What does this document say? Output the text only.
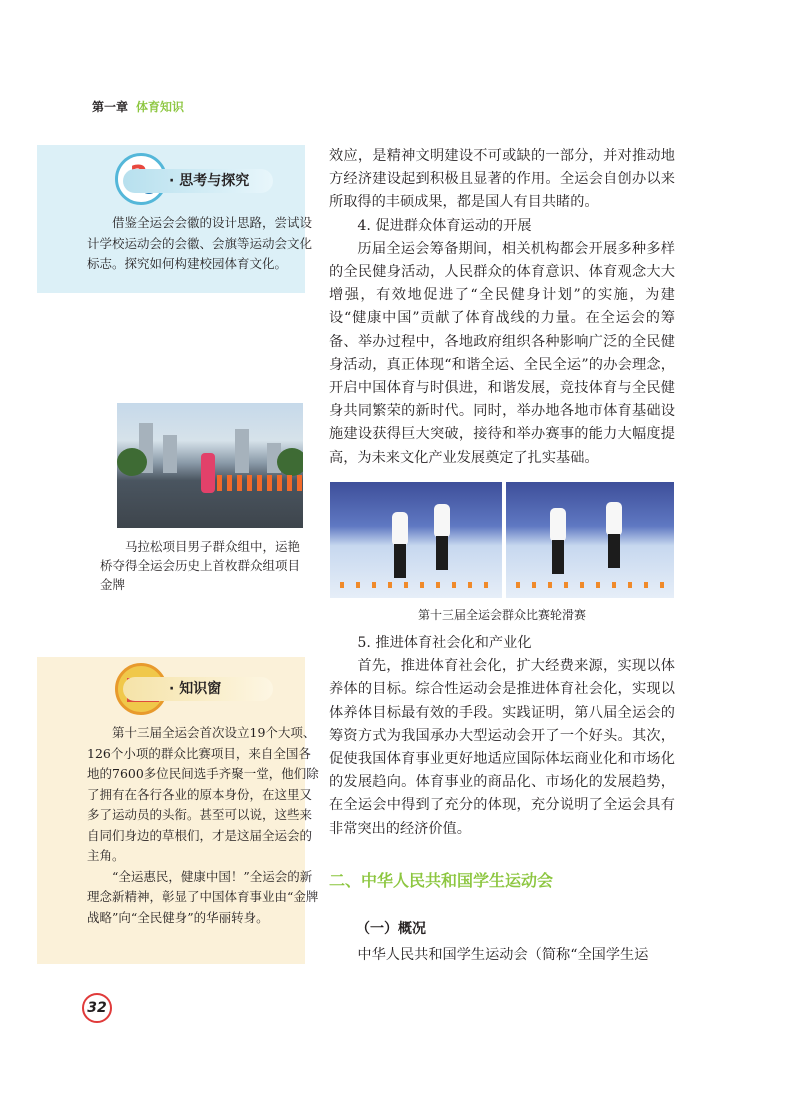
第一章 体育知识
· 思考与探究

借鉴全运会会徽的设计思路，尝试设计学校运动会的会徽、会旗等运动会文化标志。探究如何构建校园体育文化。

马拉松项目男子群众组中，运艳桥夺得全运会历史上首枚群众组项目金牌
· 知识窗

第十三届全运会首次设立19个大项、126个小项的群众比赛项目，来自全国各地的7600多位民间选手齐聚一堂，他们除了拥有在各行各业的原本身份，在这里又多了运动员的头衔。甚至可以说，这些来自同们身边的草根们，才是这届全运会的主角。

“全运惠民，健康中国！”全运会的新理念新精神，彰显了中国体育事业由“金牌战略”向“全民健身”的华丽转身。

效应，是精神文明建设不可或缺的一部分，并对推动地方经济建设起到积极且显著的作用。全运会自创办以来所取得的丰硕成果，都是国人有目共睹的。

4. 促进群众体育运动的开展

历届全运会筹备期间，相关机构都会开展多种多样的全民健身活动，人民群众的体育意识、体育观念大大增强，有效地促进了“全民健身计划”的实施，为建设“健康中国”贡献了体育战线的力量。在全运会的筹备、举办过程中，各地政府组织各种影响广泛的全民健身活动，真正体现“和谐全运、全民全运”的办会理念，开启中国体育与时俱进，和谐发展，竞技体育与全民健身共同繁荣的新时代。同时，举办地各地市体育基础设施建设获得巨大突破，接待和举办赛事的能力大幅度提高，为未来文化产业发展奠定了扎实基础。

第十三届全运会群众比赛轮滑赛

5. 推进体育社会化和产业化

首先，推进体育社会化，扩大经费来源，实现以体养体的目标。综合性运动会是推进体育社会化，实现以体养体目标最有效的手段。实践证明，第八届全运会的筹资方式为我国承办大型运动会开了一个好头。其次，促使我国体育事业更好地适应国际体坛商业化和市场化的发展趋向。体育事业的商品化、市场化的发展趋势，在全运会中得到了充分的体现，充分说明了全运会具有非常突出的经济价值。

二、中华人民共和国学生运动会
（一）概况
中华人民共和国学生运动会（简称“全国学生运
32
